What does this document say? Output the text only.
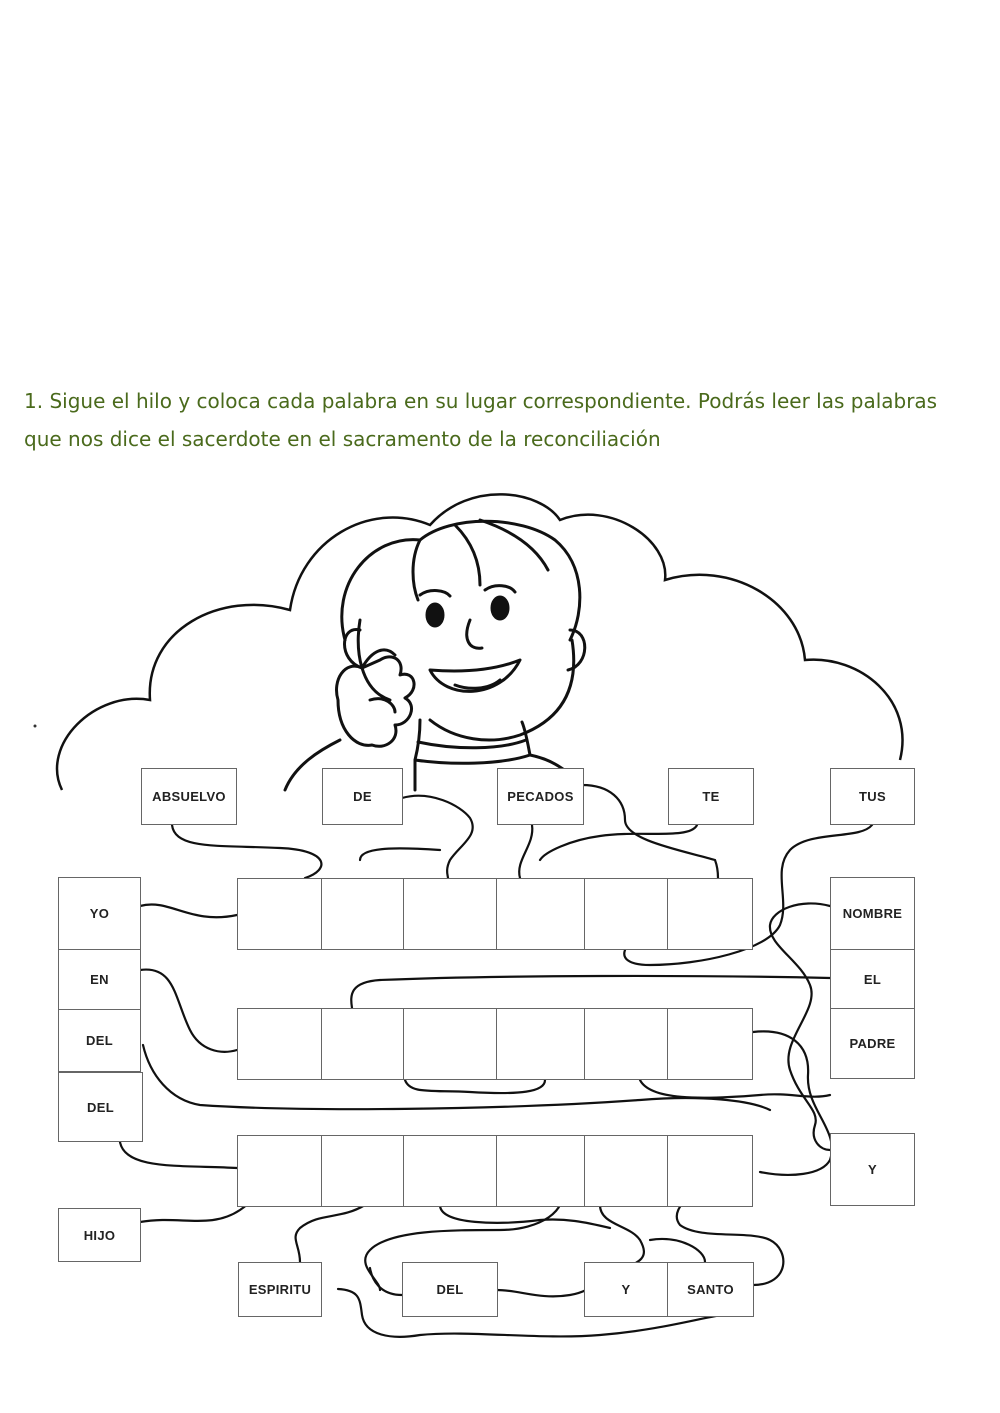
1. Sigue el hilo y coloca cada palabra en su lugar correspondiente. Podrás leer las palabras que nos dice el sacerdote en el sacramento de la reconciliación
ABSUELVO	DE	PECADOS	TE	TUS
YO
EN
DEL
DEL
HIJO
NOMBRE
EL
PADRE
Y
ESPIRITU	DEL	Y	SANTO
